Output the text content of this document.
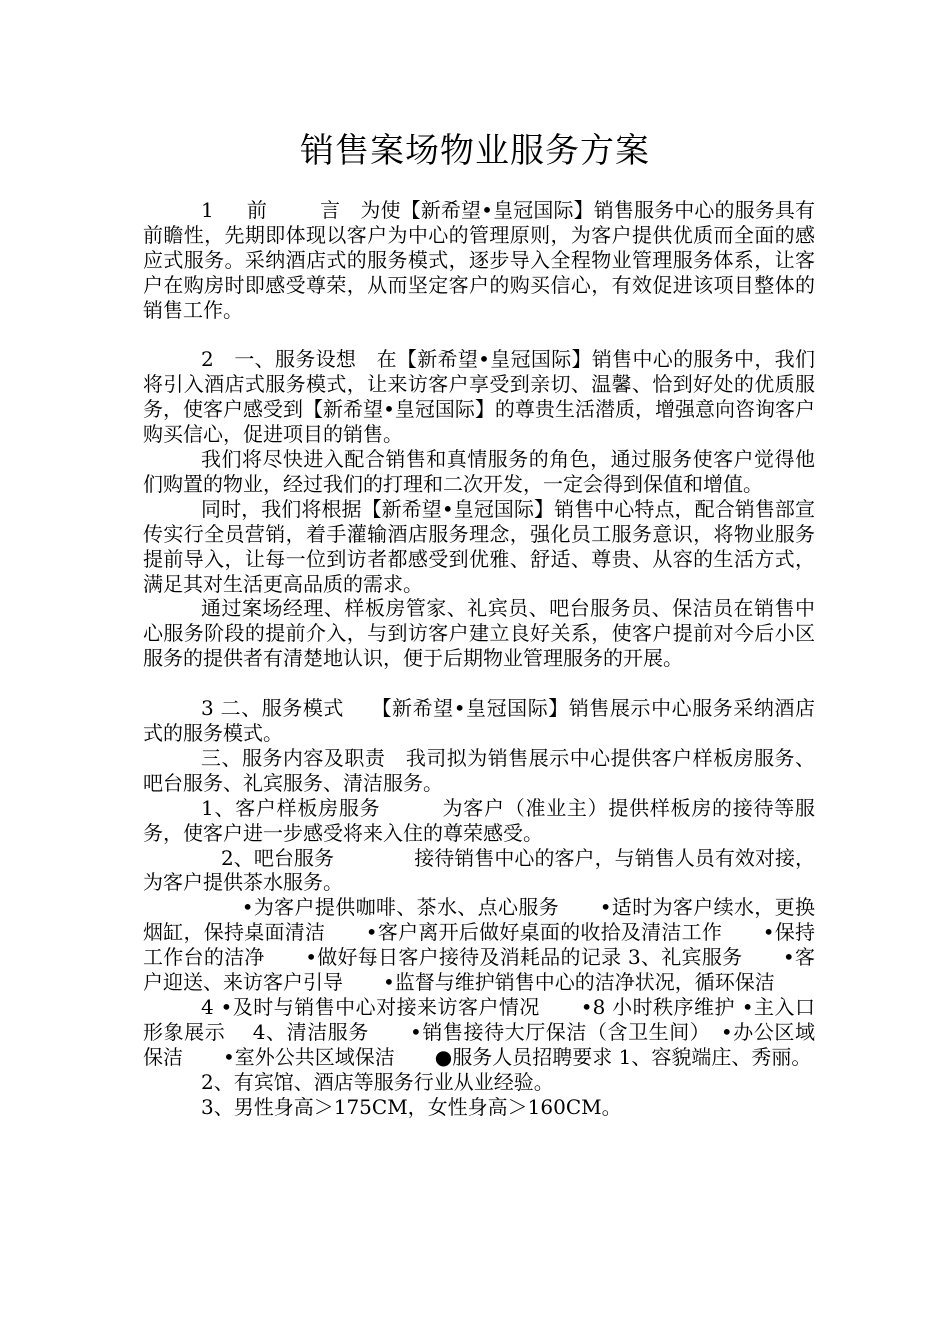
销售案场物业服务方案

1 　 前 　　 言　为使【新希望•皇冠国际】销售服务中心的服务具有前瞻性，先期即体现以客户为中心的管理原则，为客户提供优质而全面的感应式服务。采纳酒店式的服务模式，逐步导入全程物业管理服务体系，让客户在购房时即感受尊荣，从而坚定客户的购买信心，有效促进该项目整体的销售工作。

2　一、服务设想　在【新希望•皇冠国际】销售中心的服务中，我们将引入酒店式服务模式，让来访客户享受到亲切、温馨、恰到好处的优质服务，使客户感受到【新希望•皇冠国际】的尊贵生活潜质，增强意向咨询客户购买信心，促进项目的销售。

我们将尽快进入配合销售和真情服务的角色，通过服务使客户觉得他们购置的物业，经过我们的打理和二次开发，一定会得到保值和增值。

同时，我们将根据【新希望•皇冠国际】销售中心特点，配合销售部宣传实行全员营销，着手灌输酒店服务理念，强化员工服务意识，将物业服务提前导入，让每一位到访者都感受到优雅、舒适、尊贵、从容的生活方式，满足其对生活更高品质的需求。

通过案场经理、样板房管家、礼宾员、吧台服务员、保洁员在销售中心服务阶段的提前介入，与到访客户建立良好关系，使客户提前对今后小区服务的提供者有清楚地认识，便于后期物业管理服务的开展。

3 二、服务模式　 【新希望•皇冠国际】销售展示中心服务采纳酒店式的服务模式。

三、服务内容及职责　我司拟为销售展示中心提供客户样板房服务、吧台服务、礼宾服务、清洁服务。

1、客户样板房服务　　　为客户（准业主）提供样板房的接待等服务，使客户进一步感受将来入住的尊荣感受。

　2、吧台服务　　　　接待销售中心的客户，与销售人员有效对接，为客户提供茶水服务。

　　•为客户提供咖啡、茶水、点心服务　　•适时为客户续水，更换烟缸，保持桌面清洁　　•客户离开后做好桌面的收拾及清洁工作　　•保持工作台的洁净　　•做好每日客户接待及消耗品的记录 3、礼宾服务　　•客户迎送、来访客户引导　　•监督与维护销售中心的洁净状况，循环保洁

4 •及时与销售中心对接来访客户情况　　•8 小时秩序维护 •主入口形象展示　 4、清洁服务　　•销售接待大厅保洁（含卫生间）　•办公区域保洁　　•室外公共区域保洁　　●服务人员招聘要求 1、容貌端庄、秀丽。

2、有宾馆、酒店等服务行业从业经验。

3、男性身高＞175CM，女性身高＞160CM。
